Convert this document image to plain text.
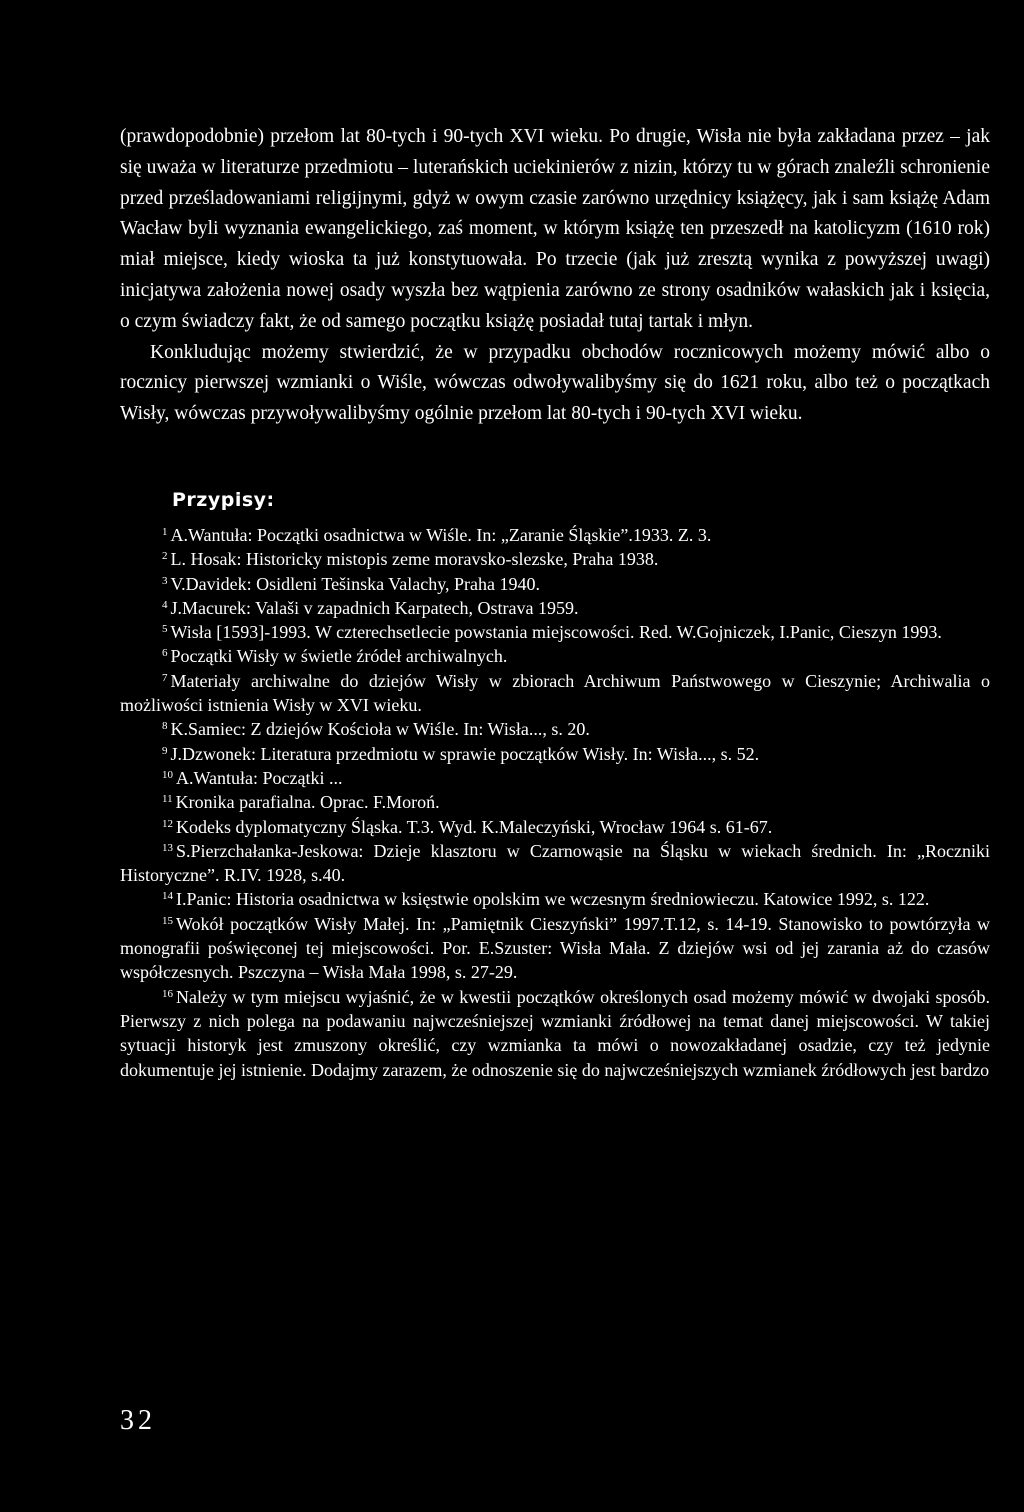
(prawdopodobnie) przełom lat 80-tych i 90-tych XVI wieku. Po drugie, Wisła nie była zakładana przez – jak się uważa w literaturze przedmiotu – luterańskich uciekinierów z nizin, którzy tu w górach znaleźli schronienie przed prześladowaniami religijnymi, gdyż w owym czasie zarówno urzędnicy książęcy, jak i sam książę Adam Wacław byli wyznania ewangelickiego, zaś moment, w którym książę ten przeszedł na katolicyzm (1610 rok) miał miejsce, kiedy wioska ta już konstytuowała. Po trzecie (jak już zresztą wynika z powyższej uwagi) inicjatywa założenia nowej osady wyszła bez wątpienia zarówno ze strony osadników wałaskich jak i księcia, o czym świadczy fakt, że od samego początku książę posiadał tutaj tartak i młyn.

Konkludując możemy stwierdzić, że w przypadku obchodów rocznicowych możemy mówić albo o rocznicy pierwszej wzmianki o Wiśle, wówczas odwoływalibyśmy się do 1621 roku, albo też o początkach Wisły, wówczas przywoływalibyśmy ogólnie przełom lat 80-tych i 90-tych XVI wieku.

Przypisy:

$^1$ A.Wantuła: Początki osadnictwa w Wiśle. In: „Zaranie Śląskie”.1933. Z. 3.

$^2$ L. Hosak: Historicky mistopis zeme moravsko-slezske, Praha 1938.

$^3$ V.Davidek: Osidleni Tešinska Valachy, Praha 1940.

$^4$ J.Macurek: Valaši v zapadnich Karpatech, Ostrava 1959.

$^5$ Wisła [1593]-1993. W czterechsetlecie powstania miejscowości. Red. W.Gojniczek, I.Panic, Cieszyn 1993.

$^6$ Początki Wisły w świetle źródeł archiwalnych.

$^7$ Materiały archiwalne do dziejów Wisły w zbiorach Archiwum Państwowego w Cieszynie; Archiwalia o możliwości istnienia Wisły w XVI wieku.

$^8$ K.Samiec: Z dziejów Kościoła w Wiśle. In: Wisła..., s. 20.

$^9$ J.Dzwonek: Literatura przedmiotu w sprawie początków Wisły. In: Wisła..., s. 52.

$^{10}$ A.Wantuła: Początki ...

$^{11}$ Kronika parafialna. Oprac. F.Moroń.

$^{12}$ Kodeks dyplomatyczny Śląska. T.3. Wyd. K.Maleczyński, Wrocław 1964 s. 61-67.

$^{13}$ S.Pierzchałanka-Jeskowa: Dzieje klasztoru w Czarnowąsie na Śląsku w wiekach średnich. In: „Roczniki Historyczne”. R.IV. 1928, s.40.

$^{14}$ I.Panic: Historia osadnictwa w księstwie opolskim we wczesnym średniowieczu. Katowice 1992, s. 122.

$^{15}$ Wokół początków Wisły Małej. In: „Pamiętnik Cieszyński” 1997.T.12, s. 14-19. Stanowisko to powtórzyła w monografii poświęconej tej miejscowości. Por. E.Szuster: Wisła Mała. Z dziejów wsi od jej zarania aż do czasów współczesnych. Pszczyna – Wisła Mała 1998, s. 27-29.

$^{16}$ Należy w tym miejscu wyjaśnić, że w kwestii początków określonych osad możemy mówić w dwojaki sposób. Pierwszy z nich polega na podawaniu najwcześniejszej wzmianki źródłowej na temat danej miejscowości. W takiej sytuacji historyk jest zmuszony określić, czy wzmianka ta mówi o nowozakładanej osadzie, czy też jedynie dokumentuje jej istnienie. Dodajmy zarazem, że odnoszenie się do najwcześniejszych wzmianek źródłowych jest bardzo

32
